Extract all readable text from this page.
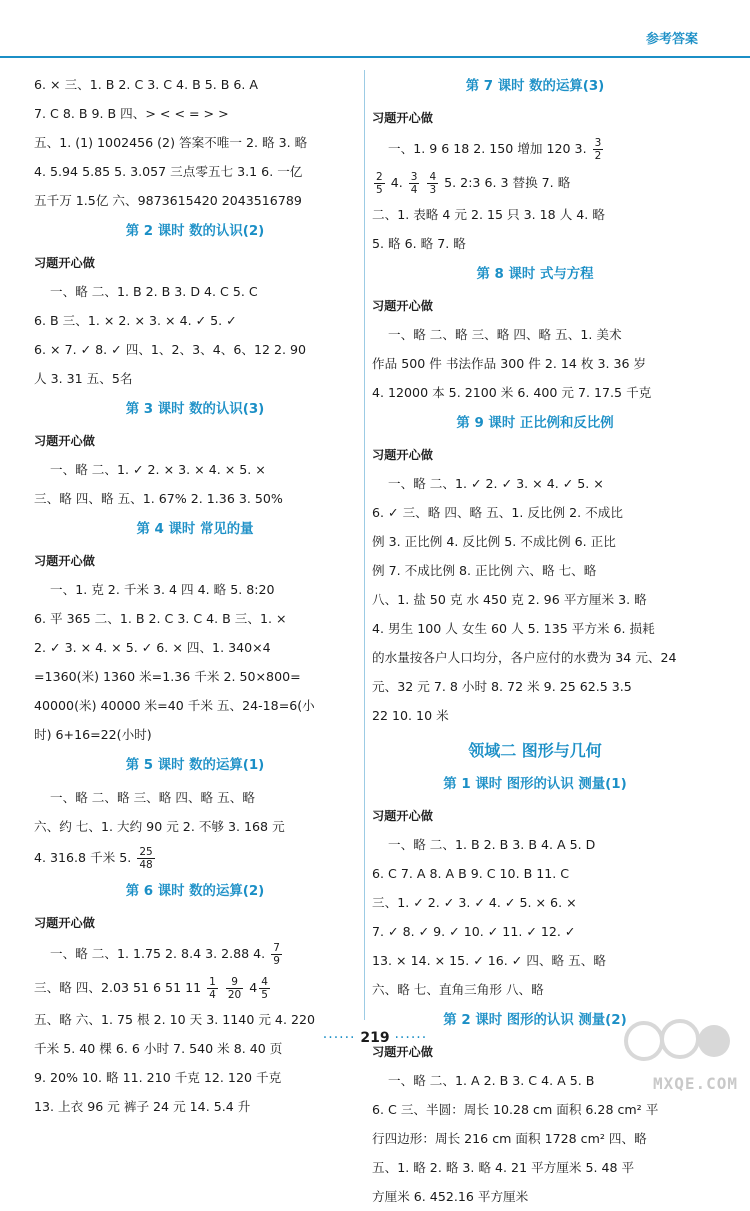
参考答案
6. × 三、1. B 2. C 3. C 4. B 5. B 6. A
7. C 8. B 9. B 四、> < < = > >
五、1. (1) 1002456 (2) 答案不唯一 2. 略 3. 略
4. 5.94 5.85 5. 3.057 三点零五七 3.1 6. 一亿
五千万 1.5亿 六、9873615420 2043516789
第 2 课时 数的认识(2)
习题开心做
一、略 二、1. B 2. B 3. D 4. C 5. C
6. B 三、1. × 2. × 3. × 4. ✓ 5. ✓
6. × 7. ✓ 8. ✓ 四、1、2、3、4、6、12 2. 90
人 3. 31 五、5名
第 3 课时 数的认识(3)
习题开心做
一、略 二、1. ✓ 2. × 3. × 4. × 5. ×
三、略 四、略 五、1. 67% 2. 1.36 3. 50%
第 4 课时 常见的量
习题开心做
一、1. 克 2. 千米 3. 4 四 4. 略 5. 8:20
6. 平 365 二、1. B 2. C 3. C 4. B 三、1. ×
2. ✓ 3. × 4. × 5. ✓ 6. × 四、1. 340×4
=1360(米) 1360 米=1.36 千米 2. 50×800=
40000(米) 40000 米=40 千米 五、24-18=6(小
时) 6+16=22(小时)
第 5 课时 数的运算(1)
一、略 二、略 三、略 四、略 五、略
六、约 七、1. 大约 90 元 2. 不够 3. 168 元
4. 316.8 千米 5. $\frac{25}{48}$
第 6 课时 数的运算(2)
习题开心做
一、略 二、1. 1.75 2. 8.4 3. 2.88 4. $\frac{7}{9}$
三、略 四、2.03 51 6 51 $11 \frac{1}{4}$
$\frac{9}{20} 4 \frac{4}{5}$
五、略 六、1. 75 根 2. 10 天 3. 1140 元 4. 220
千米 5. 40 棵 6. 6 小时 7. 540 米 8. 40 页
9. 20% 10. 略 11. 210 千克 12. 120 千克
13. 上衣 96 元 裤子 24 元 14. 5.4 升
第 7 课时 数的运算(3)
习题开心做
一、1. 9 6 18 2. 150 增加 120 3. $\frac{3}{2}$
$\frac{2}{5} 4$. $\frac{3}{4}$
$\frac{4}{3} 5$. 2:3 6. 3 替换 7. 略
二、1. 表略 4 元 2. 15 只 3. 18 人 4. 略
5. 略 6. 略 7. 略
第 8 课时 式与方程
习题开心做
一、略 二、略 三、略 四、略 五、1. 美术
作品 500 件 书法作品 300 件 2. 14 枚 3. 36 岁
4. 12000 本 5. 2100 米 6. 400 元 7. 17.5 千克
第 9 课时 正比例和反比例
习题开心做
一、略 二、1. ✓ 2. ✓ 3. × 4. ✓ 5. ×
6. ✓ 三、略 四、略 五、1. 反比例 2. 不成比
例 3. 正比例 4. 反比例 5. 不成比例 6. 正比
例 7. 不成比例 8. 正比例 六、略 七、略
八、1. 盐 50 克 水 450 克 2. 96 平方厘米 3. 略
4. 男生 100 人 女生 60 人 5. 135 平方米 6. 损耗
的水量按各户人口均分，各户应付的水费为 34 元、24
元、32 元 7. 8 小时 8. 72 米 9. 25 62.5 3.5
22 10. 10 米
领域二 图形与几何
第 1 课时 图形的认识 测量(1)
习题开心做
一、略 二、1. B 2. B 3. B 4. A 5. D
6. C 7. A 8. A B 9. C 10. B 11. C
三、1. ✓ 2. ✓ 3. ✓ 4. ✓ 5. × 6. ×
7. ✓ 8. ✓ 9. ✓ 10. ✓ 11. ✓ 12. ✓
13. × 14. × 15. ✓ 16. ✓ 四、略 五、略
六、略 七、直角三角形 八、略
第 2 课时 图形的认识 测量(2)
习题开心做
一、略 二、1. A 2. B 3. C 4. A 5. B
6. C 三、半圆：周长 10.28 cm 面积 6.28 cm² 平
行四边形：周长 216 cm 面积 1728 cm² 四、略
五、1. 略 2. 略 3. 略 4. 21 平方厘米 5. 48 平
方厘米 6. 452.16 平方厘米
······ 219 ······
MXQE.COM
